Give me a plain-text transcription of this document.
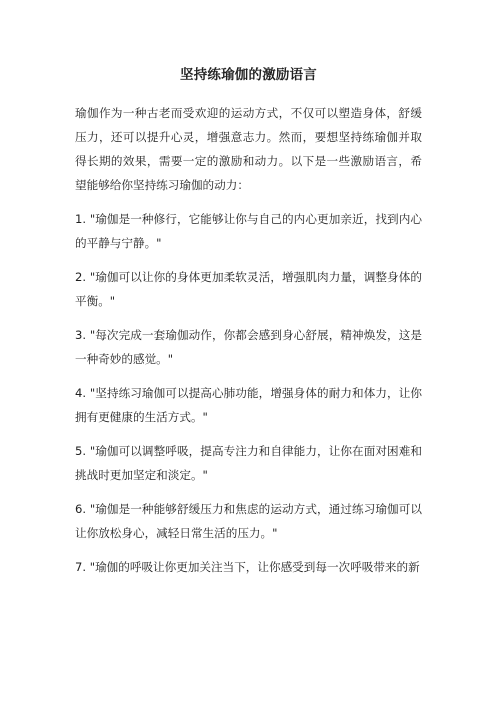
坚持练瑜伽的激励语言

瑜伽作为一种古老而受欢迎的运动方式，不仅可以塑造身体，舒缓压力，还可以提升心灵，增强意志力。然而，要想坚持练瑜伽并取得长期的效果，需要一定的激励和动力。以下是一些激励语言，希望能够给你坚持练习瑜伽的动力：

1. "瑜伽是一种修行，它能够让你与自己的内心更加亲近，找到内心的平静与宁静。"

2. "瑜伽可以让你的身体更加柔软灵活，增强肌肉力量，调整身体的平衡。"

3. "每次完成一套瑜伽动作，你都会感到身心舒展，精神焕发，这是一种奇妙的感觉。"

4. "坚持练习瑜伽可以提高心肺功能，增强身体的耐力和体力，让你拥有更健康的生活方式。"

5. "瑜伽可以调整呼吸，提高专注力和自律能力，让你在面对困难和挑战时更加坚定和淡定。"

6. "瑜伽是一种能够舒缓压力和焦虑的运动方式，通过练习瑜伽可以让你放松身心，减轻日常生活的压力。"

7. "瑜伽的呼吸让你更加关注当下，让你感受到每一次呼吸带来的新
